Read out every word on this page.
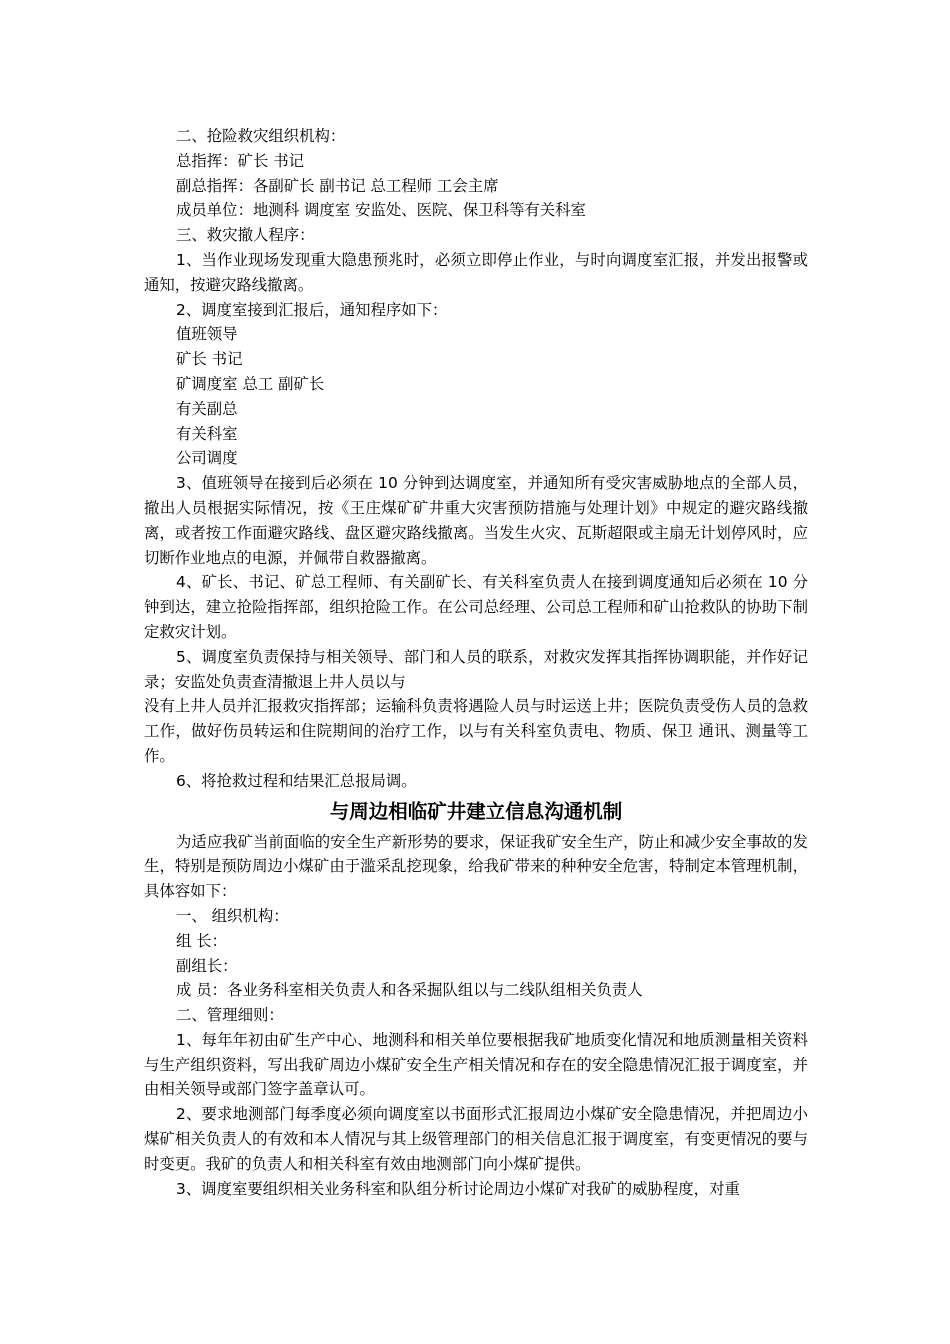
二、抢险救灾组织机构：

总指挥：矿长 书记

副总指挥：各副矿长 副书记 总工程师 工会主席

成员单位：地测科 调度室 安监处、医院、保卫科等有关科室

三、救灾撤人程序：

1、当作业现场发现重大隐患预兆时，必须立即停止作业，与时向调度室汇报，并发出报警或通知，按避灾路线撤离。

2、调度室接到汇报后，通知程序如下：

值班领导

矿长 书记

矿调度室 总工 副矿长

有关副总

有关科室

公司调度

3、值班领导在接到后必须在 10 分钟到达调度室，并通知所有受灾害威胁地点的全部人员，撤出人员根据实际情况，按《王庄煤矿矿井重大灾害预防措施与处理计划》中规定的避灾路线撤离，或者按工作面避灾路线、盘区避灾路线撤离。当发生火灾、瓦斯超限或主扇无计划停风时，应切断作业地点的电源，并佩带自救器撤离。

4、矿长、书记、矿总工程师、有关副矿长、有关科室负责人在接到调度通知后必须在 10 分钟到达，建立抢险指挥部，组织抢险工作。在公司总经理、公司总工程师和矿山抢救队的协助下制定救灾计划。

5、调度室负责保持与相关领导、部门和人员的联系，对救灾发挥其指挥协调职能，并作好记录；安监处负责查清撤退上井人员以与

没有上井人员并汇报救灾指挥部；运输科负责将遇险人员与时运送上井；医院负责受伤人员的急救工作，做好伤员转运和住院期间的治疗工作，以与有关科室负责电、物质、保卫 通讯、测量等工作。

6、将抢救过程和结果汇总报局调。

与周边相临矿井建立信息沟通机制

为适应我矿当前面临的安全生产新形势的要求，保证我矿安全生产，防止和减少安全事故的发生，特别是预防周边小煤矿由于滥采乱挖现象，给我矿带来的种种安全危害，特制定本管理机制，具体容如下：

一、 组织机构：

组 长：

副组长：

成 员：各业务科室相关负责人和各采掘队组以与二线队组相关负责人

二、管理细则：

1、每年年初由矿生产中心、地测科和相关单位要根据我矿地质变化情况和地质测量相关资料与生产组织资料，写出我矿周边小煤矿安全生产相关情况和存在的安全隐患情况汇报于调度室，并由相关领导或部门签字盖章认可。

2、要求地测部门每季度必须向调度室以书面形式汇报周边小煤矿安全隐患情况，并把周边小煤矿相关负责人的有效和本人情况与其上级管理部门的相关信息汇报于调度室，有变更情况的要与时变更。我矿的负责人和相关科室有效由地测部门向小煤矿提供。

3、调度室要组织相关业务科室和队组分析讨论周边小煤矿对我矿的威胁程度，对重
